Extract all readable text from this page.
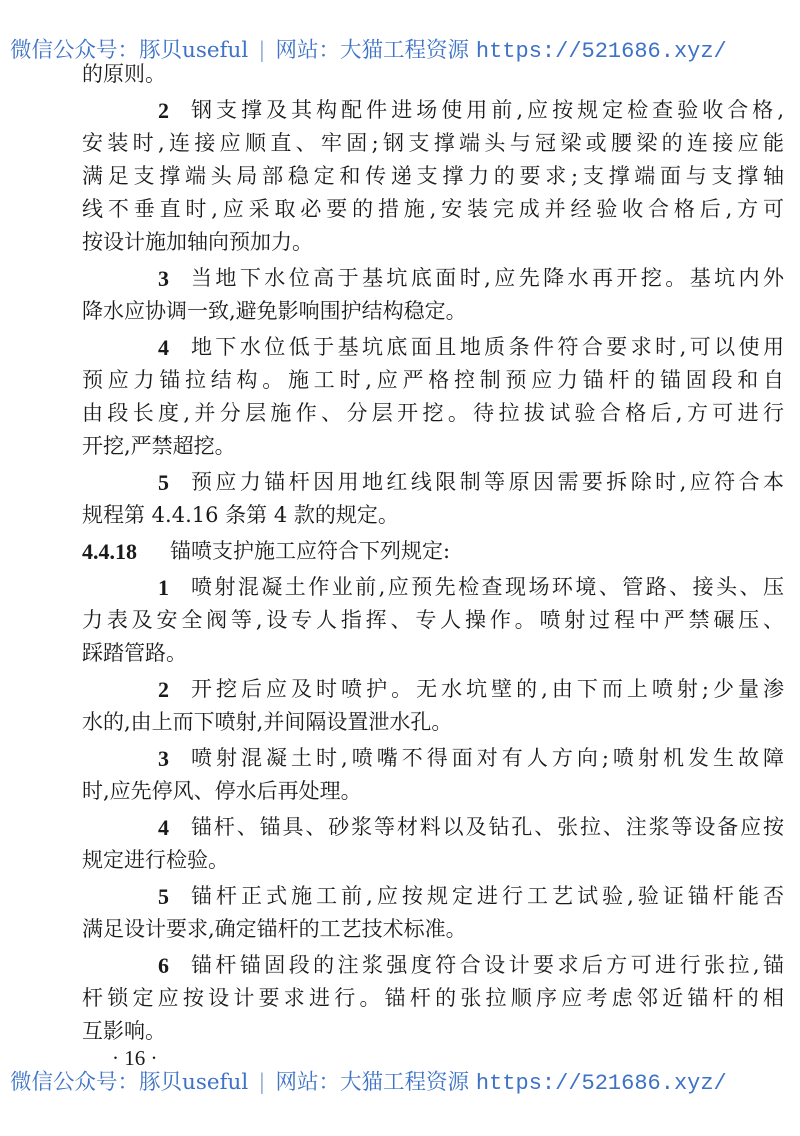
微信公众号：豚贝useful | 网站：大猫工程资源 https://521686.xyz/
的原则。
2	钢支撑及其构配件进场使用前,应按规定检查验收合格,
安装时,连接应顺直、牢固;钢支撑端头与冠梁或腰梁的连接应能
满足支撑端头局部稳定和传递支撑力的要求;支撑端面与支撑轴
线不垂直时,应采取必要的措施,安装完成并经验收合格后,方可
按设计施加轴向预加力。
3	当地下水位高于基坑底面时,应先降水再开挖。基坑内外
降水应协调一致,避免影响围护结构稳定。
4	地下水位低于基坑底面且地质条件符合要求时,可以使用
预应力锚拉结构。施工时,应严格控制预应力锚杆的锚固段和自
由段长度,并分层施作、分层开挖。待拉拔试验合格后,方可进行
开挖,严禁超挖。
5	预应力锚杆因用地红线限制等原因需要拆除时,应符合本
规程第 4.4.16 条第 4 款的规定。
4.4.18	锚喷支护施工应符合下列规定:
1	喷射混凝土作业前,应预先检查现场环境、管路、接头、压
力表及安全阀等,设专人指挥、专人操作。喷射过程中严禁碾压、
踩踏管路。
2	开挖后应及时喷护。无水坑壁的,由下而上喷射;少量渗
水的,由上而下喷射,并间隔设置泄水孔。
3	喷射混凝土时,喷嘴不得面对有人方向;喷射机发生故障
时,应先停风、停水后再处理。
4	锚杆、锚具、砂浆等材料以及钻孔、张拉、注浆等设备应按
规定进行检验。
5	锚杆正式施工前,应按规定进行工艺试验,验证锚杆能否
满足设计要求,确定锚杆的工艺技术标准。
6	锚杆锚固段的注浆强度符合设计要求后方可进行张拉,锚
杆锁定应按设计要求进行。锚杆的张拉顺序应考虑邻近锚杆的相
互影响。
· 16 ·
微信公众号：豚贝useful | 网站：大猫工程资源 https://521686.xyz/
